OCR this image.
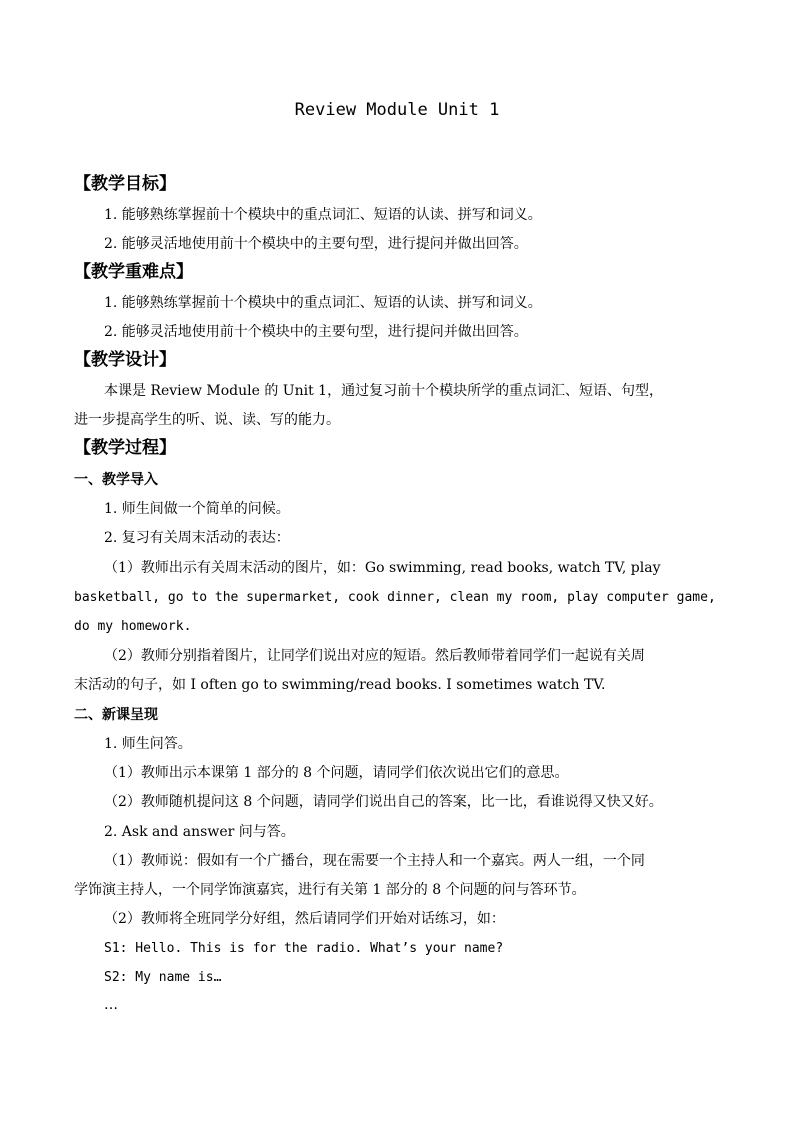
Review Module Unit 1
【教学目标】
1. 能够熟练掌握前十个模块中的重点词汇、短语的认读、拼写和词义。
2. 能够灵活地使用前十个模块中的主要句型，进行提问并做出回答。
【教学重难点】
1. 能够熟练掌握前十个模块中的重点词汇、短语的认读、拼写和词义。
2. 能够灵活地使用前十个模块中的主要句型，进行提问并做出回答。
【教学设计】
本课是 Review Module 的 Unit 1，通过复习前十个模块所学的重点词汇、短语、句型，
进一步提高学生的听、说、读、写的能力。
【教学过程】
一、教学导入
1. 师生间做一个简单的问候。
2. 复习有关周末活动的表达：
（1）教师出示有关周末活动的图片，如：Go swimming, read books, watch TV, play
basketball, go to the supermarket, cook dinner, clean my room, play computer game,
do my homework.
（2）教师分别指着图片，让同学们说出对应的短语。然后教师带着同学们一起说有关周
末活动的句子，如 I often go to swimming/read books. I sometimes watch TV.
二、新课呈现
1. 师生问答。
（1）教师出示本课第 1 部分的 8 个问题，请同学们依次说出它们的意思。
（2）教师随机提问这 8 个问题，请同学们说出自己的答案，比一比，看谁说得又快又好。
2. Ask and answer 问与答。
（1）教师说：假如有一个广播台，现在需要一个主持人和一个嘉宾。两人一组，一个同
学饰演主持人，一个同学饰演嘉宾，进行有关第 1 部分的 8 个问题的问与答环节。
（2）教师将全班同学分好组，然后请同学们开始对话练习，如：
S1: Hello. This is for the radio. What’s your name?
S2: My name is…
…
